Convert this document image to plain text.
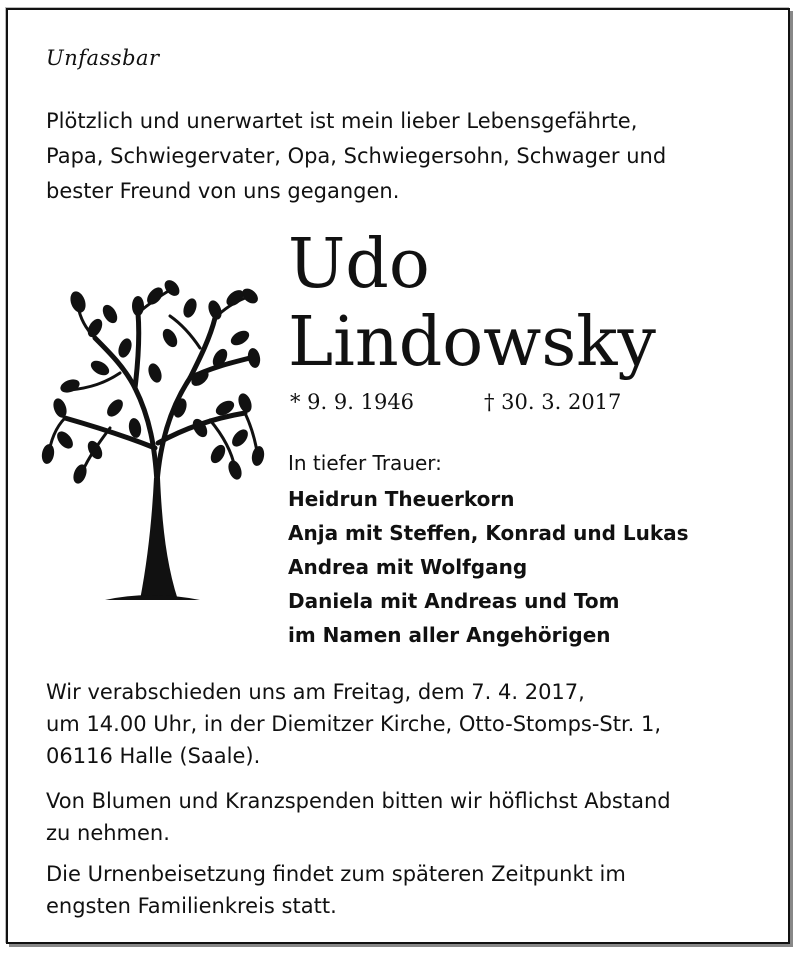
Unfassbar
Plötzlich und unerwartet ist mein lieber Lebensgefährte,
Papa, Schwiegervater, Opa, Schwiegersohn, Schwager und
bester Freund von uns gegangen.
Udo
Lindowsky
* 9. 9. 1946	† 30. 3. 2017
In tiefer Trauer:
Heidrun Theuerkorn
Anja mit Steffen, Konrad und Lukas
Andrea mit Wolfgang
Daniela mit Andreas und Tom
im Namen aller Angehörigen
Wir verabschieden uns am Freitag, dem 7. 4. 2017,
um 14.00 Uhr, in der Diemitzer Kirche, Otto-Stomps-Str. 1,
06116 Halle (Saale).
Von Blumen und Kranzspenden bitten wir höflichst Abstand
zu nehmen.
Die Urnenbeisetzung findet zum späteren Zeitpunkt im
engsten Familienkreis statt.
